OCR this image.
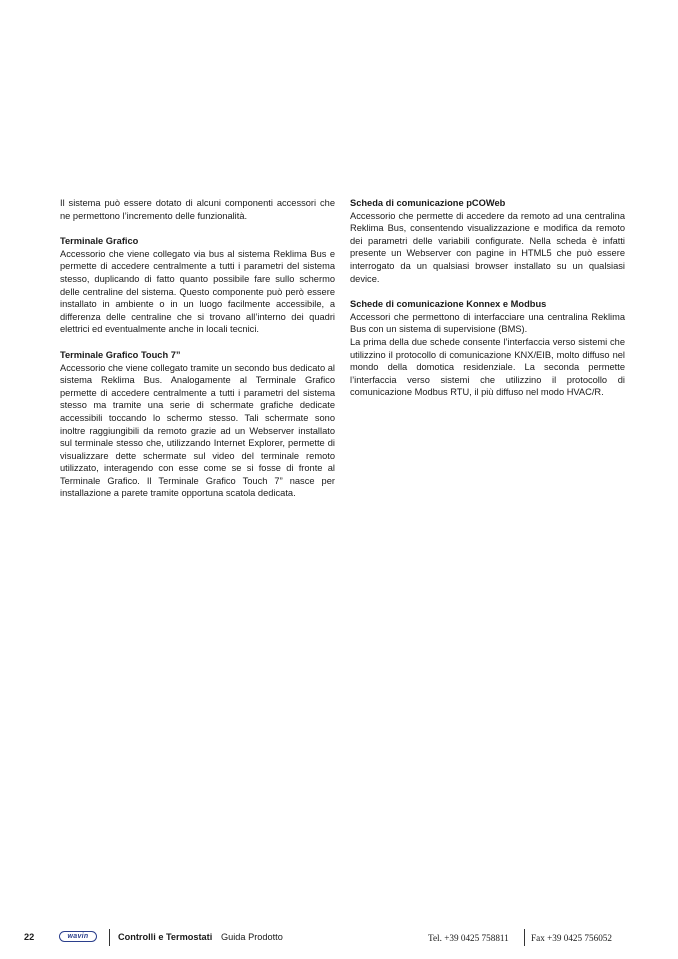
Il sistema può essere dotato di alcuni componenti accessori che ne permettono l’incremento delle funzionalità.

Terminale Grafico

Accessorio che viene collegato via bus al sistema Reklima Bus e permette di accedere centralmente a tutti i parametri del sistema stesso, duplicando di fatto quanto possibile fare sullo schermo delle centraline del sistema. Questo componente può però essere installato in ambiente o in un luogo facilmente accessibile, a differenza delle centraline che si trovano all’interno dei quadri elettrici ed eventualmente anche in locali tecnici.

Terminale Grafico Touch 7”

Accessorio che viene collegato tramite un secondo bus dedicato al sistema Reklima Bus. Analogamente al Terminale Grafico permette di accedere centralmente a tutti i parametri del sistema stesso ma tramite una serie di schermate grafiche dedicate accessibili toccando lo schermo stesso. Tali schermate sono inoltre raggiungibili da remoto grazie ad un Webserver installato sul terminale stesso che, utilizzando Internet Explorer, permette di visualizzare dette schermate sul video del terminale remoto utilizzato, interagendo con esse come se si fosse di fronte al Terminale Grafico. Il Terminale Grafico Touch 7” nasce per installazione a parete tramite opportuna scatola dedicata.

Scheda di comunicazione pCOWeb

Accessorio che permette di accedere da remoto ad una centralina Reklima Bus, consentendo visualizzazione e modifica da remoto dei parametri delle variabili configurate. Nella scheda è infatti presente un Webserver con pagine in HTML5 che può essere interrogato da un qualsiasi browser installato su un qualsiasi device.

Schede di comunicazione Konnex e Modbus

Accessori che permettono di interfacciare una centralina Reklima Bus con un sistema di supervisione (BMS).

La prima della due schede consente l’interfaccia verso sistemi che utilizzino il protocollo di comunicazione KNX/EIB, molto diffuso nel mondo della domotica residenziale. La seconda permette l’interfaccia verso sistemi che utilizzino il protocollo di comunicazione Modbus RTU, il più diffuso nel modo HVAC/R.

22	wavin	Controlli e Termostati Guida Prodotto	Tel. +39 0425 758811 Fax +39 0425 756052
